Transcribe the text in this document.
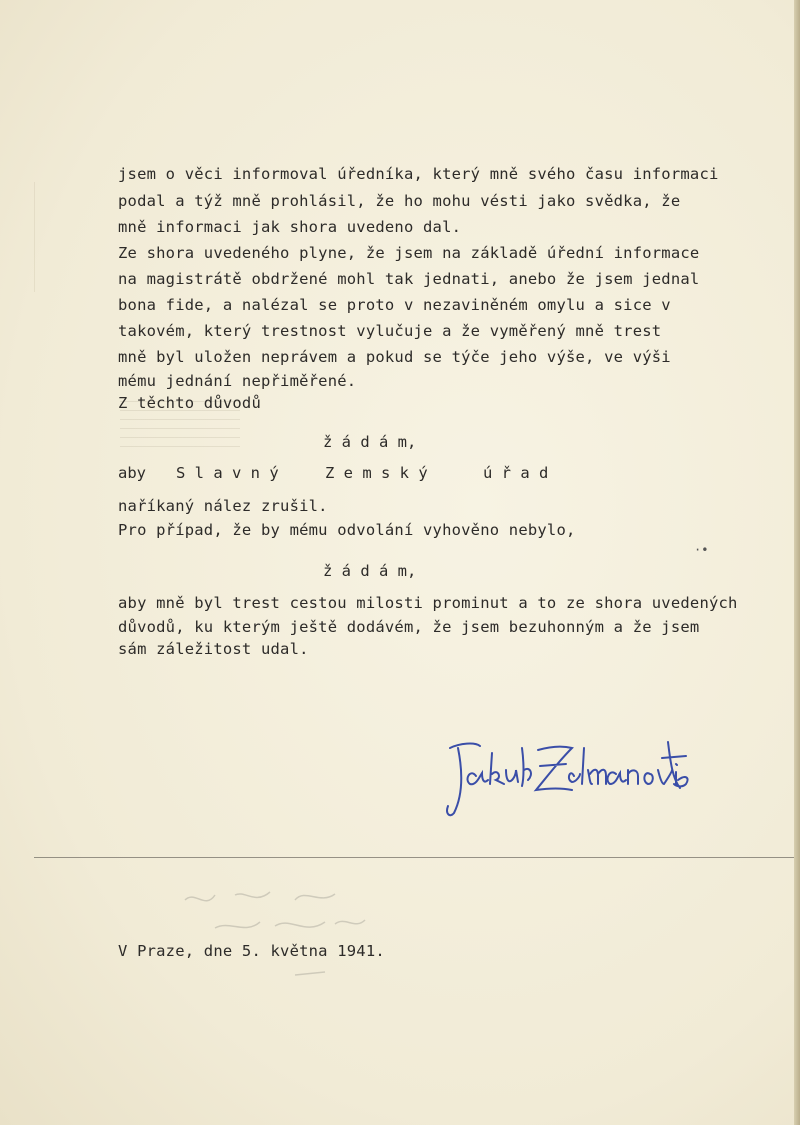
jsem o věci informoval úředníka, který mně svého času informaci
podal a týž mně prohlásil, že ho mohu vésti jako svědka, že
mně informaci jak shora uvedeno dal.
Ze shora uvedeného plyne, že jsem na základě úřední informace
na magistrátě obdržené mohl tak jednati, anebo že jsem jednal
bona fide, a nalézal se proto v nezaviněném omylu a sice v
takovém, který trestnost vylučuje a že vyměřený mně trest
mně byl uložen neprávem a pokud se týče jeho výše, ve výši
mému jednání nepřiměřené.
Z těchto důvodů
ž á d á m,
aby S l a v n ý	Z e m s k ý	ú ř a d
naříkaný nález zrušil.
Pro případ, že by mému odvolání vyhověno nebylo,
·•
ž á d á m,
aby mně byl trest cestou milosti prominut a to ze shora uvedených
důvodů, ku kterým ještě dodávém, že jsem bezuhonným a že jsem
sám záležitost udal.
V Praze, dne 5. května 1941.
